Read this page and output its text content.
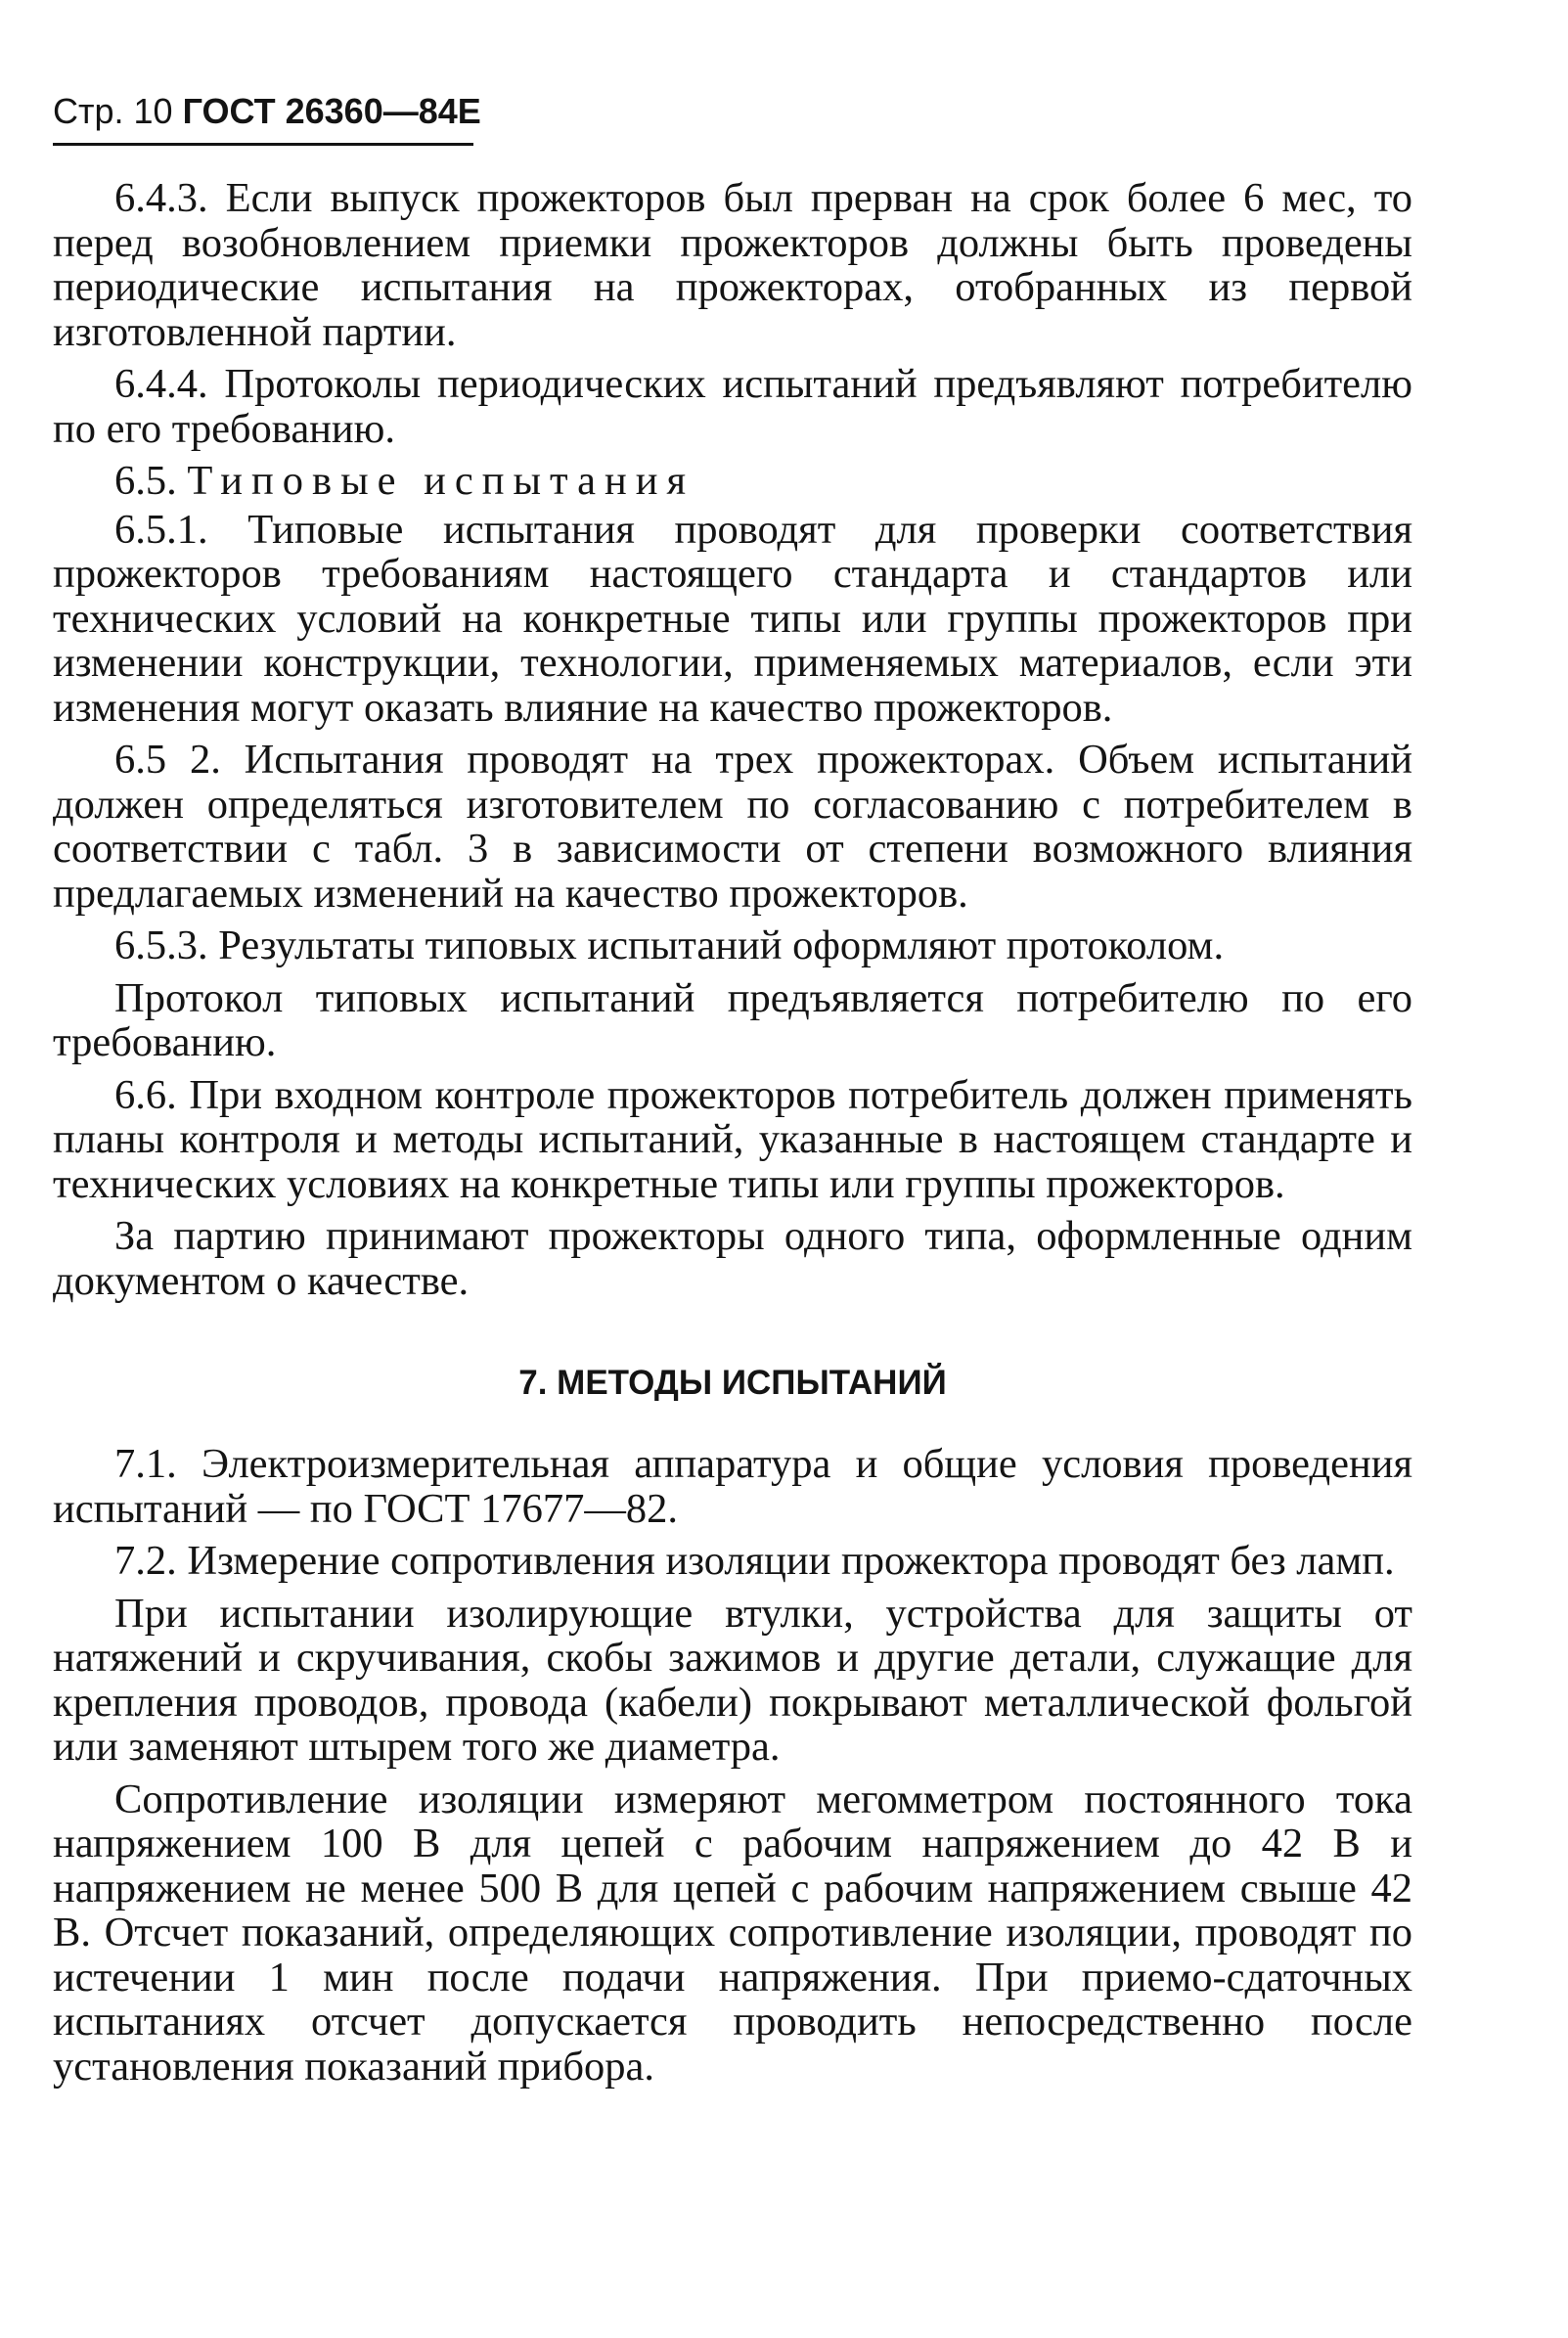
Стр. 10 ГОСТ 26360—84Е

6.4.3. Если выпуск прожекторов был прерван на срок более 6 мес, то перед возобновлением приемки прожекторов должны быть проведены периодические испытания на прожекторах, отобранных из первой изготовленной партии.

6.4.4. Протоколы периодических испытаний предъявляют потребителю по его требованию.

6.5. Типовые испытания

6.5.1. Типовые испытания проводят для проверки соответствия прожекторов требованиям настоящего стандарта и стандартов или технических условий на конкретные типы или группы прожекторов при изменении конструкции, технологии, применяемых материалов, если эти изменения могут оказать влияние на качество прожекторов.

6.5 2. Испытания проводят на трех прожекторах. Объем испытаний должен определяться изготовителем по согласованию с потребителем в соответствии с табл. 3 в зависимости от степени возможного влияния предлагаемых изменений на качество прожекторов.

6.5.3. Результаты типовых испытаний оформляют протоколом.

Протокол типовых испытаний предъявляется потребителю по его требованию.

6.6. При входном контроле прожекторов потребитель должен применять планы контроля и методы испытаний, указанные в настоящем стандарте и технических условиях на конкретные типы или группы прожекторов.

За партию принимают прожекторы одного типа, оформленные одним документом о качестве.

7. МЕТОДЫ ИСПЫТАНИЙ

7.1. Электроизмерительная аппаратура и общие условия проведения испытаний — по ГОСТ 17677—82.

7.2. Измерение сопротивления изоляции прожектора проводят без ламп.

При испытании изолирующие втулки, устройства для защиты от натяжений и скручивания, скобы зажимов и другие детали, служащие для крепления проводов, провода (кабели) покрывают металлической фольгой или заменяют штырем того же диаметра.

Сопротивление изоляции измеряют мегомметром постоянного тока напряжением 100 В для цепей с рабочим напряжением до 42 В и напряжением не менее 500 В для цепей с рабочим напряжением свыше 42 В. Отсчет показаний, определяющих сопротивление изоляции, проводят по истечении 1 мин после подачи напряжения. При приемо-сдаточных испытаниях отсчет допускается проводить непосредственно после установления показаний прибора.
